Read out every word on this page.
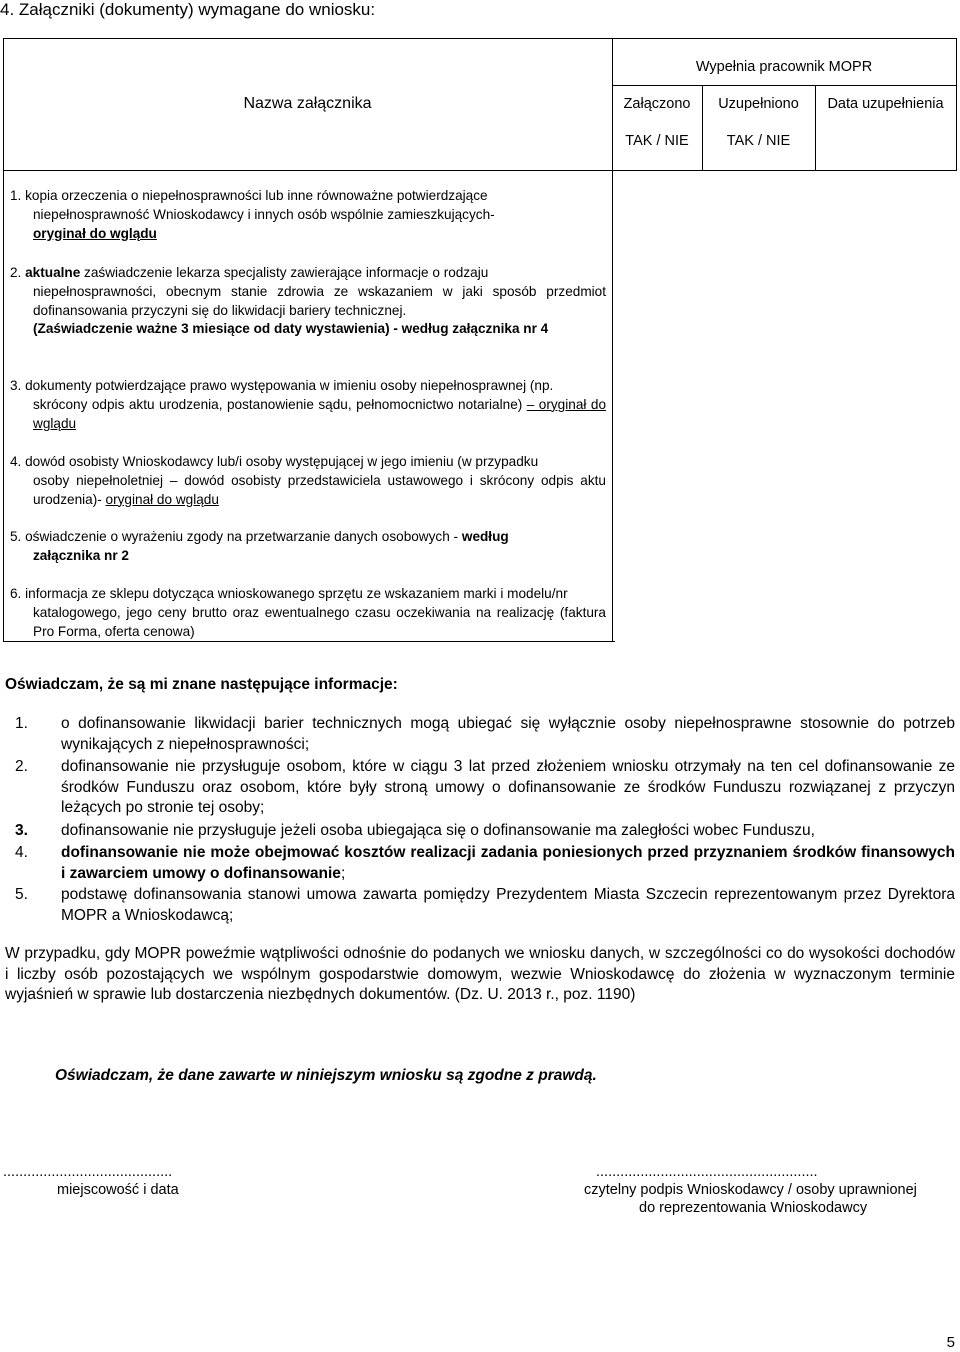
4. Załączniki (dokumenty) wymagane do wniosku:
Nazwa załącznika
Wypełnia pracownik MOPR
Załączono
TAK / NIE
Uzupełniono
TAK / NIE
Data uzupełnienia

1. kopia orzeczenia o niepełnosprawności lub inne równoważne potwierdzające

niepełnosprawność Wnioskodawcy i innych osób wspólnie zamieszkujących-

oryginał do wglądu

2. aktualne zaświadczenie lekarza specjalisty zawierające informacje o rodzaju

niepełnosprawności, obecnym stanie zdrowia ze wskazaniem w jaki sposób przedmiot dofinansowania przyczyni się do likwidacji bariery technicznej.

(Zaświadczenie ważne 3 miesiące od daty wystawienia) - według załącznika nr 4

3. dokumenty potwierdzające prawo występowania w imieniu osoby niepełnosprawnej (np.

skrócony odpis aktu urodzenia, postanowienie sądu, pełnomocnictwo notarialne) – oryginał do wglądu

4. dowód osobisty Wnioskodawcy lub/i osoby występującej w jego imieniu (w przypadku

osoby niepełnoletniej – dowód osobisty przedstawiciela ustawowego i skrócony odpis aktu urodzenia)- oryginał do wglądu

5. oświadczenie o wyrażeniu zgody na przetwarzanie danych osobowych - według

załącznika nr 2

6. informacja ze sklepu dotycząca wnioskowanego sprzętu ze wskazaniem marki i modelu/nr

katalogowego, jego ceny brutto oraz ewentualnego czasu oczekiwania na realizację (faktura Pro Forma, oferta cenowa)

Oświadczam, że są mi znane następujące informacje:
1. o dofinansowanie likwidacji barier technicznych mogą ubiegać się wyłącznie osoby niepełnosprawne stosownie do potrzeb wynikających z niepełnosprawności;
2. dofinansowanie nie przysługuje osobom, które w ciągu 3 lat przed złożeniem wniosku otrzymały na ten cel dofinansowanie ze środków Funduszu oraz osobom, które były stroną umowy o dofinansowanie ze środków Funduszu rozwiązanej z przyczyn leżących po stronie tej osoby;
3. dofinansowanie nie przysługuje jeżeli osoba ubiegająca się o dofinansowanie ma zaległości wobec Funduszu,
4. dofinansowanie nie może obejmować kosztów realizacji zadania poniesionych przed przyznaniem środków finansowych i zawarciem umowy o dofinansowanie;
5. podstawę dofinansowania stanowi umowa zawarta pomiędzy Prezydentem Miasta Szczecin reprezentowanym przez Dyrektora MOPR a Wnioskodawcą;
W przypadku, gdy MOPR poweźmie wątpliwości odnośnie do podanych we wniosku danych, w szczególności co do wysokości dochodów i liczby osób pozostających we wspólnym gospodarstwie domowym, wezwie Wnioskodawcę do złożenia w wyznaczonym terminie wyjaśnień w sprawie lub dostarczenia niezbędnych dokumentów. (Dz. U. 2013 r., poz. 1190)
Oświadczam, że dane zawarte w niniejszym wniosku są zgodne z prawdą.
..........................................
miejscowość i data
.......................................................
czytelny podpis Wnioskodawcy / osoby uprawnionej
do reprezentowania Wnioskodawcy
5
